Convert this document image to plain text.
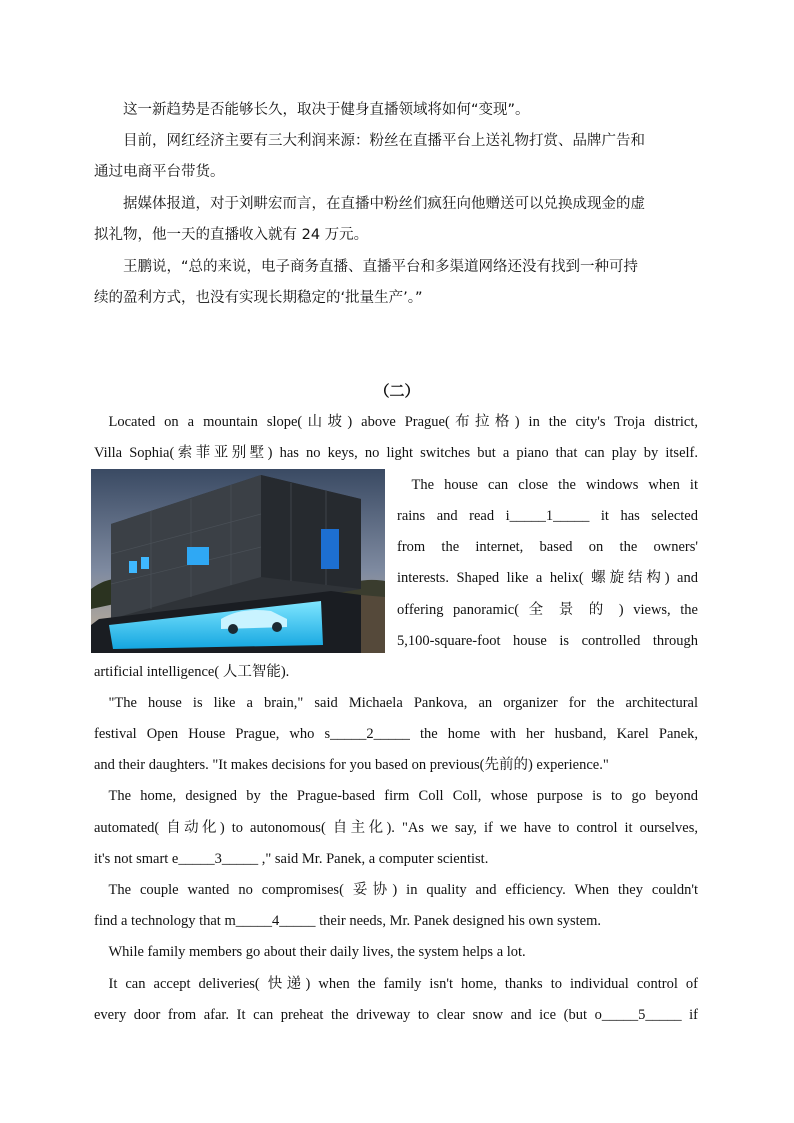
　　这一新趋势是否能够长久，取决于健身直播领域将如何“变现”。
　　目前，网红经济主要有三大利润来源：粉丝在直播平台上送礼物打赏、品牌广告和
通过电商平台带货。
　　据媒体报道，对于刘畊宏而言，在直播中粉丝们疯狂向他赠送可以兑换成现金的虚
拟礼物，他一天的直播收入就有 24 万元。
　　王鹏说，“总的来说，电子商务直播、直播平台和多渠道网络还没有找到一种可持
续的盈利方式，也没有实现长期稳定的‘批量生产’。”
（二）
 Located on a mountain slope(山坡) above Prague(布拉格) in the city's Troja district,
Villa Sophia(索菲亚别墅) has no keys, no light switches but a piano that can play by itself.
 The house can close the windows when it
rains and read i_____1_____ it has selected
from the internet, based on the owners'
interests. Shaped like a helix( 螺旋结构) and
offering panoramic( 全 景 的 ) views, the
5,100-square-foot house is controlled through
artificial intelligence( 人工智能).
 "The house is like a brain," said Michaela Pankova, an organizer for the architectural
festival Open House Prague, who s_____2_____ the home with her husband, Karel Panek,
and their daughters. "It makes decisions for you based on previous(先前的) experience."
 The home, designed by the Prague-based firm Coll Coll, whose purpose is to go beyond
automated( 自动化) to autonomous( 自主化). "As we say, if we have to control it ourselves,
it's not smart e_____3_____ ," said Mr. Panek, a computer scientist.
 The couple wanted no compromises( 妥协) in quality and efficiency. When they couldn't
find a technology that m_____4_____ their needs, Mr. Panek designed his own system.
 While family members go about their daily lives, the system helps a lot.
 It can accept deliveries( 快递) when the family isn't home, thanks to individual control of
every door from afar. It can preheat the driveway to clear snow and ice (but o_____5_____ if
